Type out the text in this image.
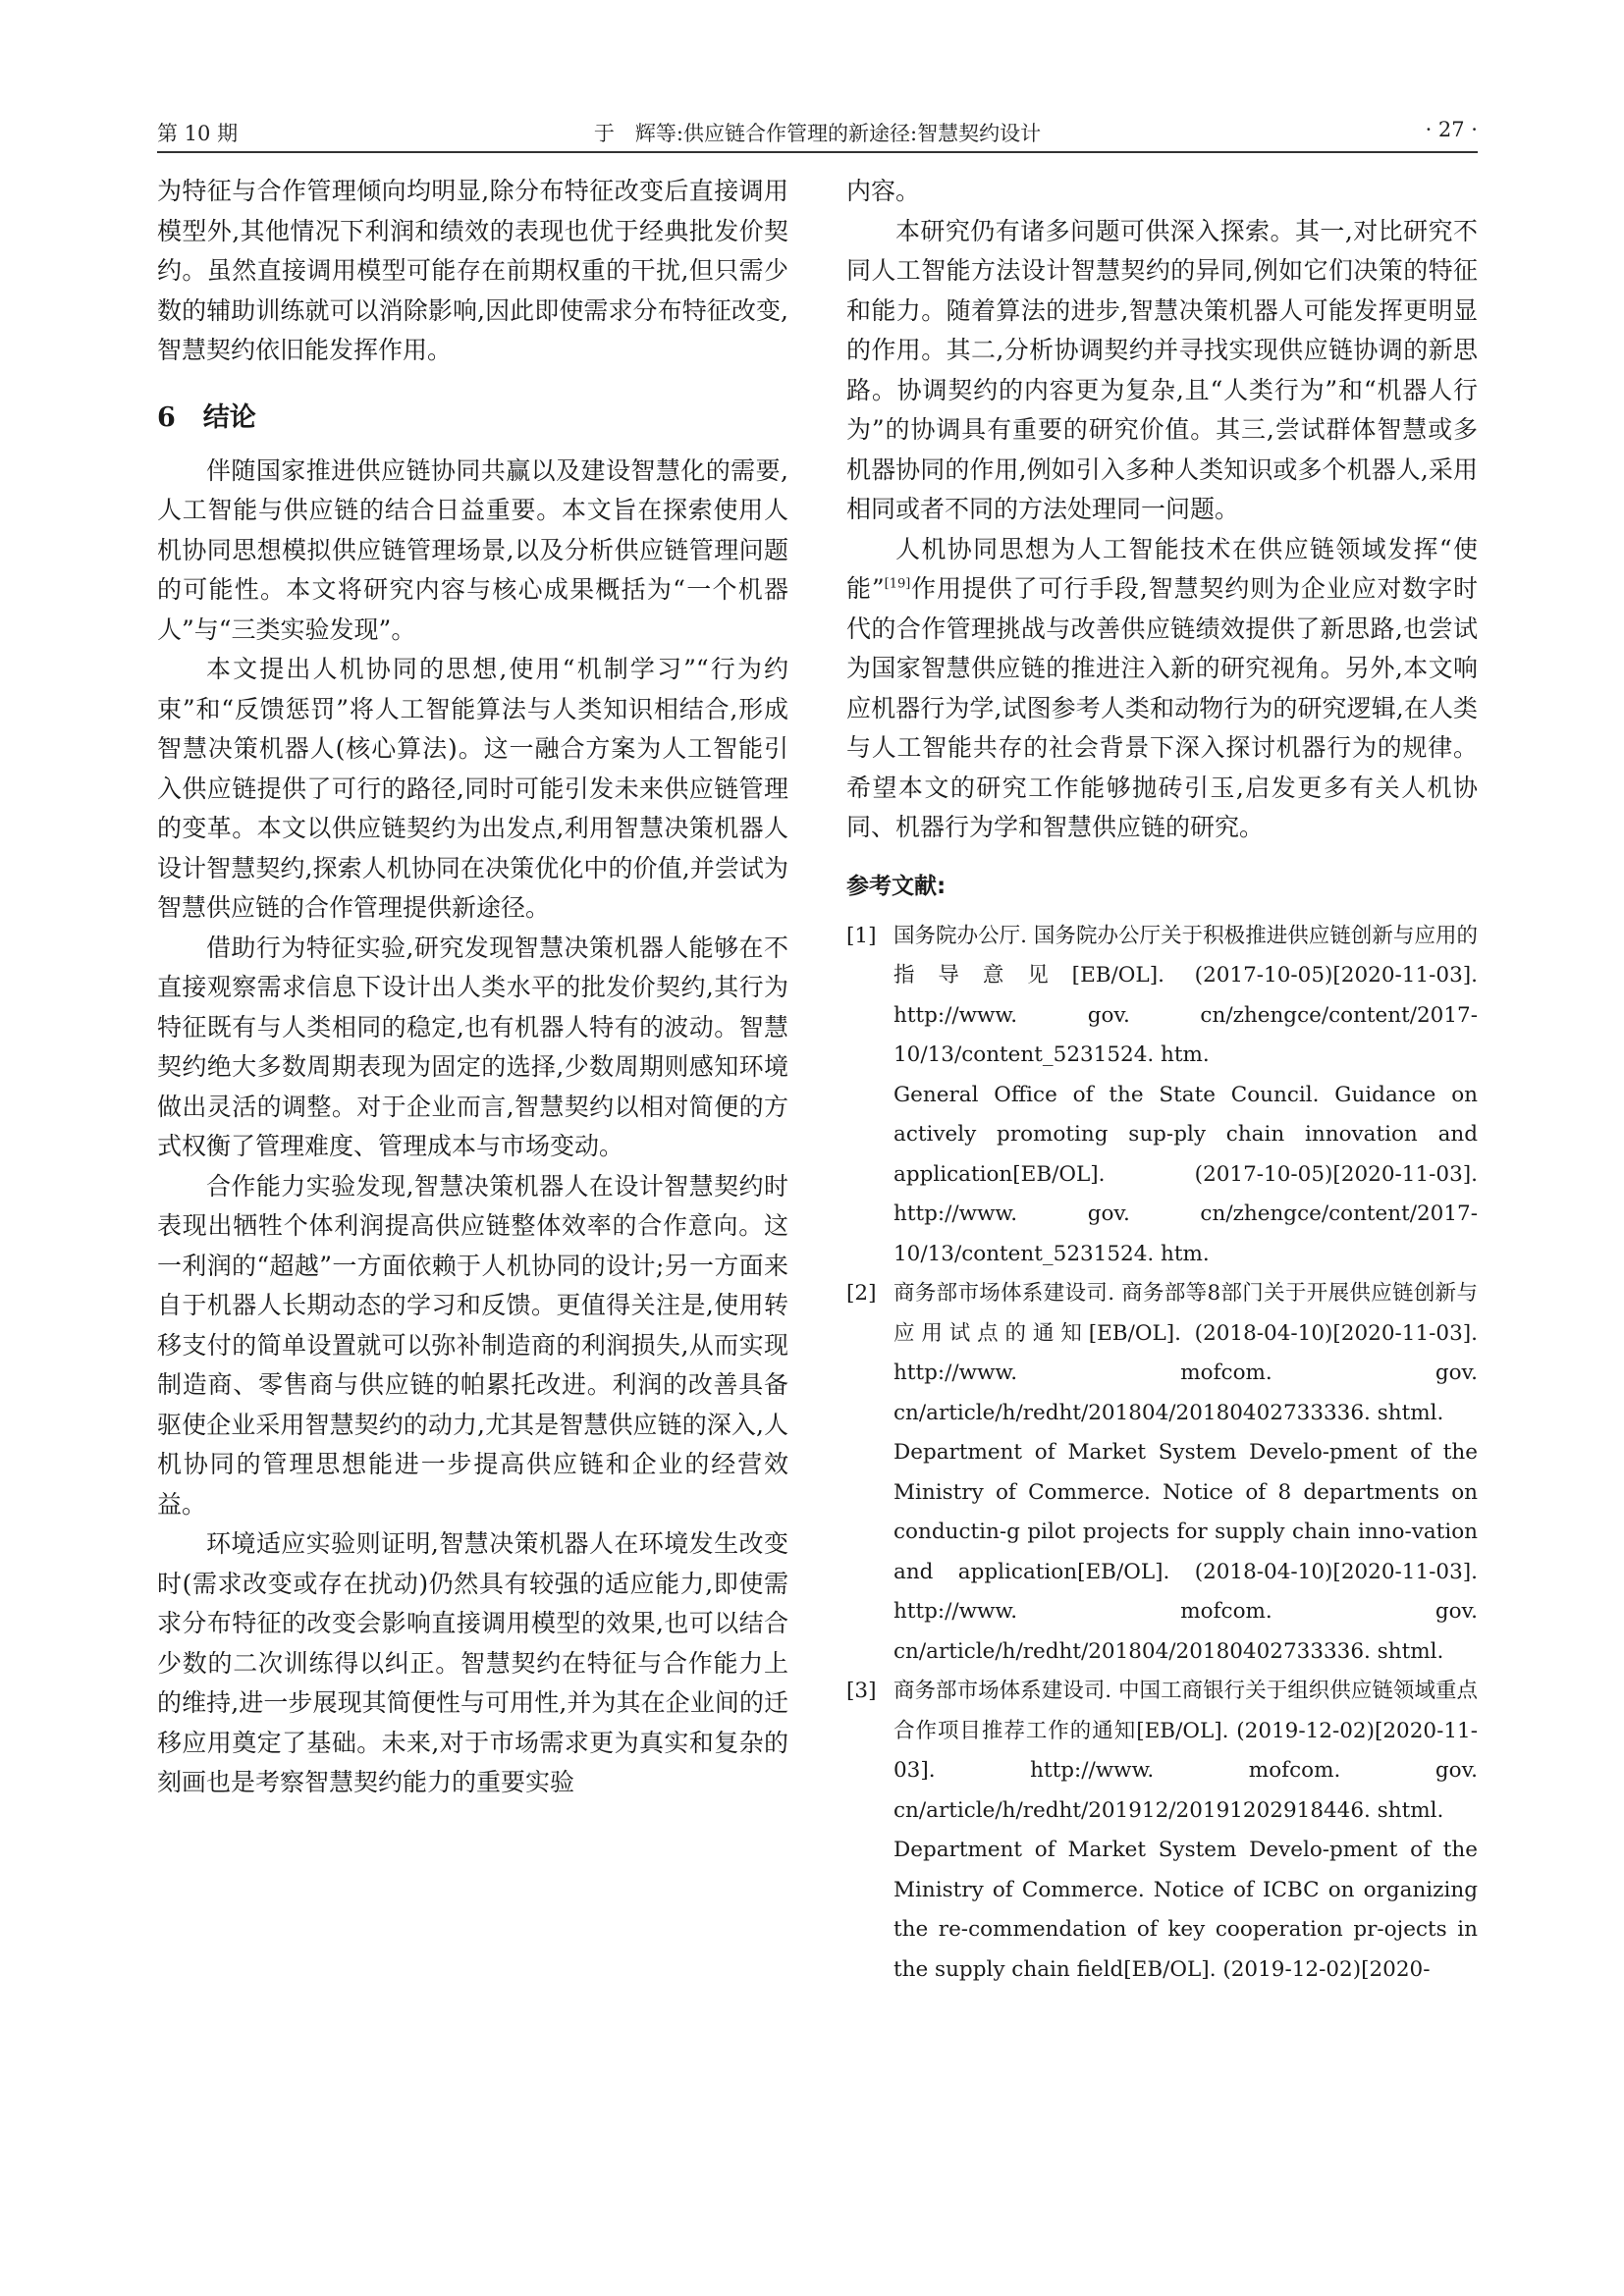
第 10 期	于　辉等:供应链合作管理的新途径:智慧契约设计	· 27 ·

为特征与合作管理倾向均明显,除分布特征改变后直接调用模型外,其他情况下利润和绩效的表现也优于经典批发价契约。虽然直接调用模型可能存在前期权重的干扰,但只需少数的辅助训练就可以消除影响,因此即使需求分布特征改变,智慧契约依旧能发挥作用。

6 结论

伴随国家推进供应链协同共赢以及建设智慧化的需要,人工智能与供应链的结合日益重要。本文旨在探索使用人机协同思想模拟供应链管理场景,以及分析供应链管理问题的可能性。本文将研究内容与核心成果概括为“一个机器人”与“三类实验发现”。

本文提出人机协同的思想,使用“机制学习”“行为约束”和“反馈惩罚”将人工智能算法与人类知识相结合,形成智慧决策机器人(核心算法)。这一融合方案为人工智能引入供应链提供了可行的路径,同时可能引发未来供应链管理的变革。本文以供应链契约为出发点,利用智慧决策机器人设计智慧契约,探索人机协同在决策优化中的价值,并尝试为智慧供应链的合作管理提供新途径。

借助行为特征实验,研究发现智慧决策机器人能够在不直接观察需求信息下设计出人类水平的批发价契约,其行为特征既有与人类相同的稳定,也有机器人特有的波动。智慧契约绝大多数周期表现为固定的选择,少数周期则感知环境做出灵活的调整。对于企业而言,智慧契约以相对简便的方式权衡了管理难度、管理成本与市场变动。

合作能力实验发现,智慧决策机器人在设计智慧契约时表现出牺牲个体利润提高供应链整体效率的合作意向。这一利润的“超越”一方面依赖于人机协同的设计;另一方面来自于机器人长期动态的学习和反馈。更值得关注是,使用转移支付的简单设置就可以弥补制造商的利润损失,从而实现制造商、零售商与供应链的帕累托改进。利润的改善具备驱使企业采用智慧契约的动力,尤其是智慧供应链的深入,人机协同的管理思想能进一步提高供应链和企业的经营效益。

环境适应实验则证明,智慧决策机器人在环境发生改变时(需求改变或存在扰动)仍然具有较强的适应能力,即使需求分布特征的改变会影响直接调用模型的效果,也可以结合少数的二次训练得以纠正。智慧契约在特征与合作能力上的维持,进一步展现其简便性与可用性,并为其在企业间的迁移应用奠定了基础。未来,对于市场需求更为真实和复杂的刻画也是考察智慧契约能力的重要实验

内容。

本研究仍有诸多问题可供深入探索。其一,对比研究不同人工智能方法设计智慧契约的异同,例如它们决策的特征和能力。随着算法的进步,智慧决策机器人可能发挥更明显的作用。其二,分析协调契约并寻找实现供应链协调的新思路。协调契约的内容更为复杂,且“人类行为”和“机器人行为”的协调具有重要的研究价值。其三,尝试群体智慧或多机器协同的作用,例如引入多种人类知识或多个机器人,采用相同或者不同的方法处理同一问题。

人机协同思想为人工智能技术在供应链领域发挥“使能”[19]作用提供了可行手段,智慧契约则为企业应对数字时代的合作管理挑战与改善供应链绩效提供了新思路,也尝试为国家智慧供应链的推进注入新的研究视角。另外,本文响应机器行为学,试图参考人类和动物行为的研究逻辑,在人类与人工智能共存的社会背景下深入探讨机器行为的规律。希望本文的研究工作能够抛砖引玉,启发更多有关人机协同、机器行为学和智慧供应链的研究。

参考文献:
[1] 国务院办公厅. 国务院办公厅关于积极推进供应链创新与应用的指导意见[EB/OL]. (2017-10-05)[2020-11-03]. http://www. gov. cn/zhengce/content/2017-10/13/content_5231524. htm.
General Office of the State Council. Guidance on actively promoting sup-ply chain innovation and application[EB/OL]. (2017-10-05)[2020-11-03]. http://www. gov. cn/zhengce/content/2017-10/13/content_5231524. htm.
[2] 商务部市场体系建设司. 商务部等8部门关于开展供应链创新与应用试点的通知[EB/OL]. (2018-04-10)[2020-11-03]. http://www. mofcom. gov. cn/article/h/redht/201804/20180402733336. shtml.
Department of Market System Develo-pment of the Ministry of Commerce. Notice of 8 departments on conductin-g pilot projects for supply chain inno-vation and application[EB/OL]. (2018-04-10)[2020-11-03]. http://www. mofcom. gov. cn/article/h/redht/201804/20180402733336. shtml.
[3] 商务部市场体系建设司. 中国工商银行关于组织供应链领域重点合作项目推荐工作的通知[EB/OL]. (2019-12-02)[2020-11-03]. http://www. mofcom. gov. cn/article/h/redht/201912/20191202918446. shtml.
Department of Market System Develo-pment of the Ministry of Commerce. Notice of ICBC on organizing the re-commendation of key cooperation pr-ojects in the supply chain field[EB/OL]. (2019-12-02)[2020-
